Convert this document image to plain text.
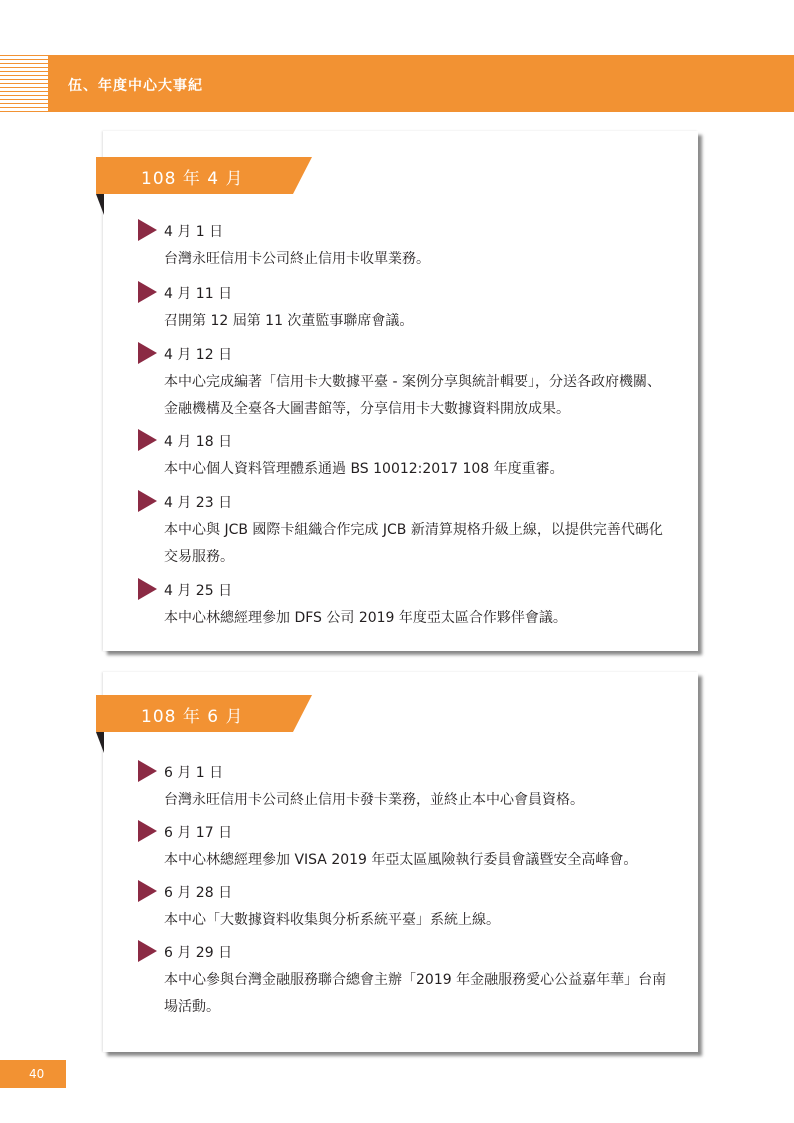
伍、年度中心大事紀
108 年 4 月
4 月 1 日
台灣永旺信用卡公司終止信用卡收單業務。
4 月 11 日
召開第 12 屆第 11 次董監事聯席會議。
4 月 12 日
本中心完成編著「信用卡大數據平臺 - 案例分享與統計輯要」，分送各政府機關、金融機構及全臺各大圖書館等，分享信用卡大數據資料開放成果。
4 月 18 日
本中心個人資料管理體系通過 BS 10012:2017 108 年度重審。
4 月 23 日
本中心與 JCB 國際卡組織合作完成 JCB 新清算規格升級上線，以提供完善代碼化交易服務。
4 月 25 日
本中心林總經理參加 DFS 公司 2019 年度亞太區合作夥伴會議。
108 年 6 月
6 月 1 日
台灣永旺信用卡公司終止信用卡發卡業務，並終止本中心會員資格。
6 月 17 日
本中心林總經理參加 VISA 2019 年亞太區風險執行委員會議暨安全高峰會。
6 月 28 日
本中心「大數據資料收集與分析系統平臺」系統上線。
6 月 29 日
本中心參與台灣金融服務聯合總會主辦「2019 年金融服務愛心公益嘉年華」台南場活動。
40
